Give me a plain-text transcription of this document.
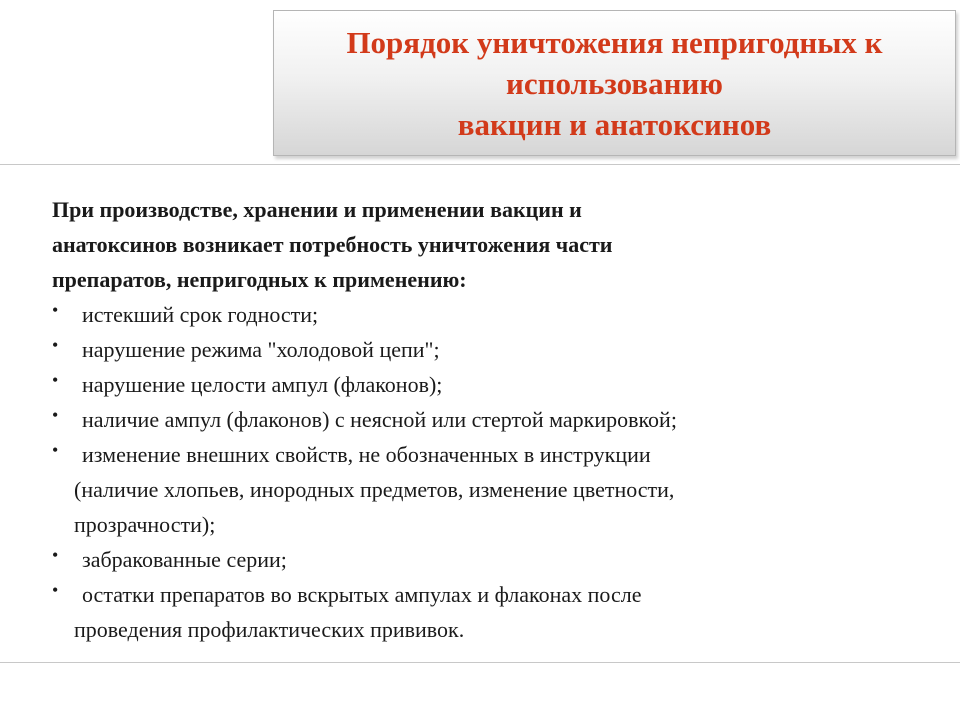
Порядок уничтожения непригодных к
использованию
вакцин и анатоксинов

При производстве, хранении и применении вакцин и
анатоксинов возникает потребность уничтожения части
препаратов, непригодных к применению:

• истекший срок годности;
• нарушение режима "холодовой цепи";
• нарушение целости ампул (флаконов);
• наличие ампул (флаконов) с неясной или стертой маркировкой;
• изменение внешних свойств, не обозначенных в инструкции
(наличие хлопьев, инородных предметов, изменение цветности,
прозрачности);
• забракованные серии;
• остатки препаратов во вскрытых ампулах и флаконах после
проведения профилактических прививок.
